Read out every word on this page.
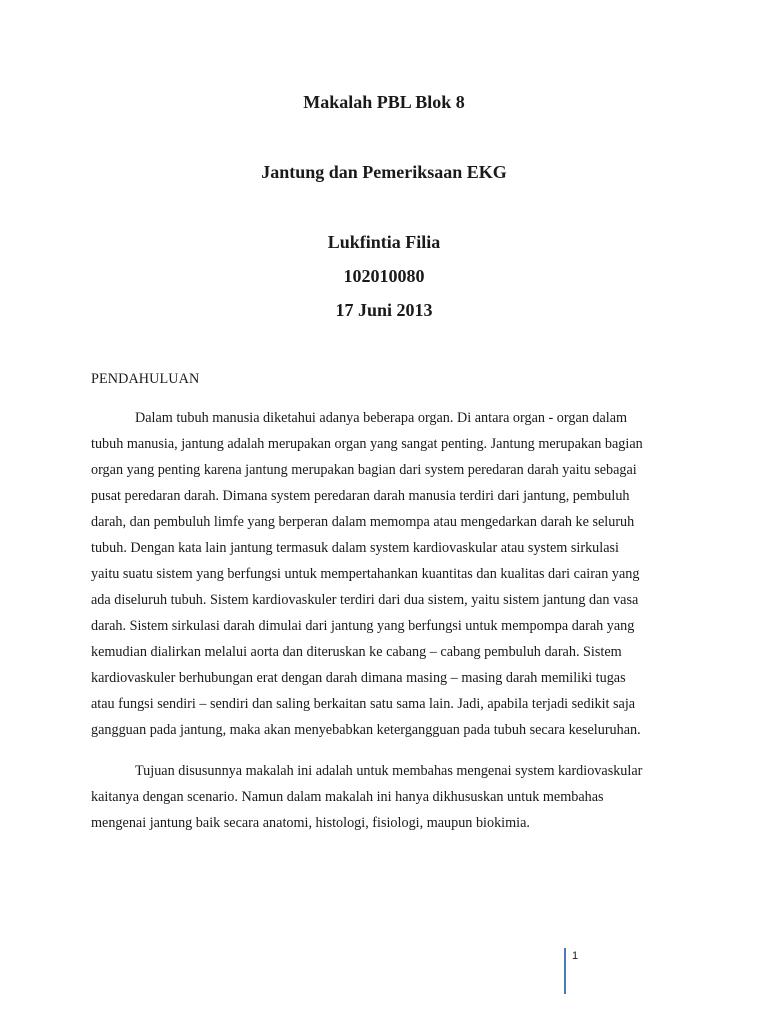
Makalah PBL Blok 8
Jantung dan Pemeriksaan EKG
Lukfintia Filia
102010080
17 Juni 2013
PENDAHULUAN

Dalam tubuh manusia diketahui adanya beberapa organ. Di antara organ - organ dalam
tubuh manusia, jantung adalah merupakan organ yang sangat penting. Jantung merupakan bagian
organ yang penting karena jantung merupakan bagian dari system peredaran darah yaitu sebagai
pusat peredaran darah. Dimana system peredaran darah manusia terdiri dari jantung, pembuluh
darah, dan pembuluh limfe yang berperan dalam memompa atau mengedarkan darah ke seluruh
tubuh. Dengan kata lain jantung termasuk dalam system kardiovaskular atau system sirkulasi
yaitu suatu sistem yang berfungsi untuk mempertahankan kuantitas dan kualitas dari cairan yang
ada diseluruh tubuh. Sistem kardiovaskuler terdiri dari dua sistem, yaitu sistem jantung dan vasa
darah. Sistem sirkulasi darah dimulai dari jantung yang berfungsi untuk mempompa darah yang
kemudian dialirkan melalui aorta dan diteruskan ke cabang – cabang pembuluh darah. Sistem
kardiovaskuler berhubungan erat dengan darah dimana masing – masing darah memiliki tugas
atau fungsi sendiri – sendiri dan saling berkaitan satu sama lain. Jadi, apabila terjadi sedikit saja
gangguan pada jantung, maka akan menyebabkan ketergangguan pada tubuh secara keseluruhan.

Tujuan disusunnya makalah ini adalah untuk membahas mengenai system kardiovaskular
kaitanya dengan scenario. Namun dalam makalah ini hanya dikhususkan untuk membahas
mengenai jantung baik secara anatomi, histologi, fisiologi, maupun biokimia.

1
